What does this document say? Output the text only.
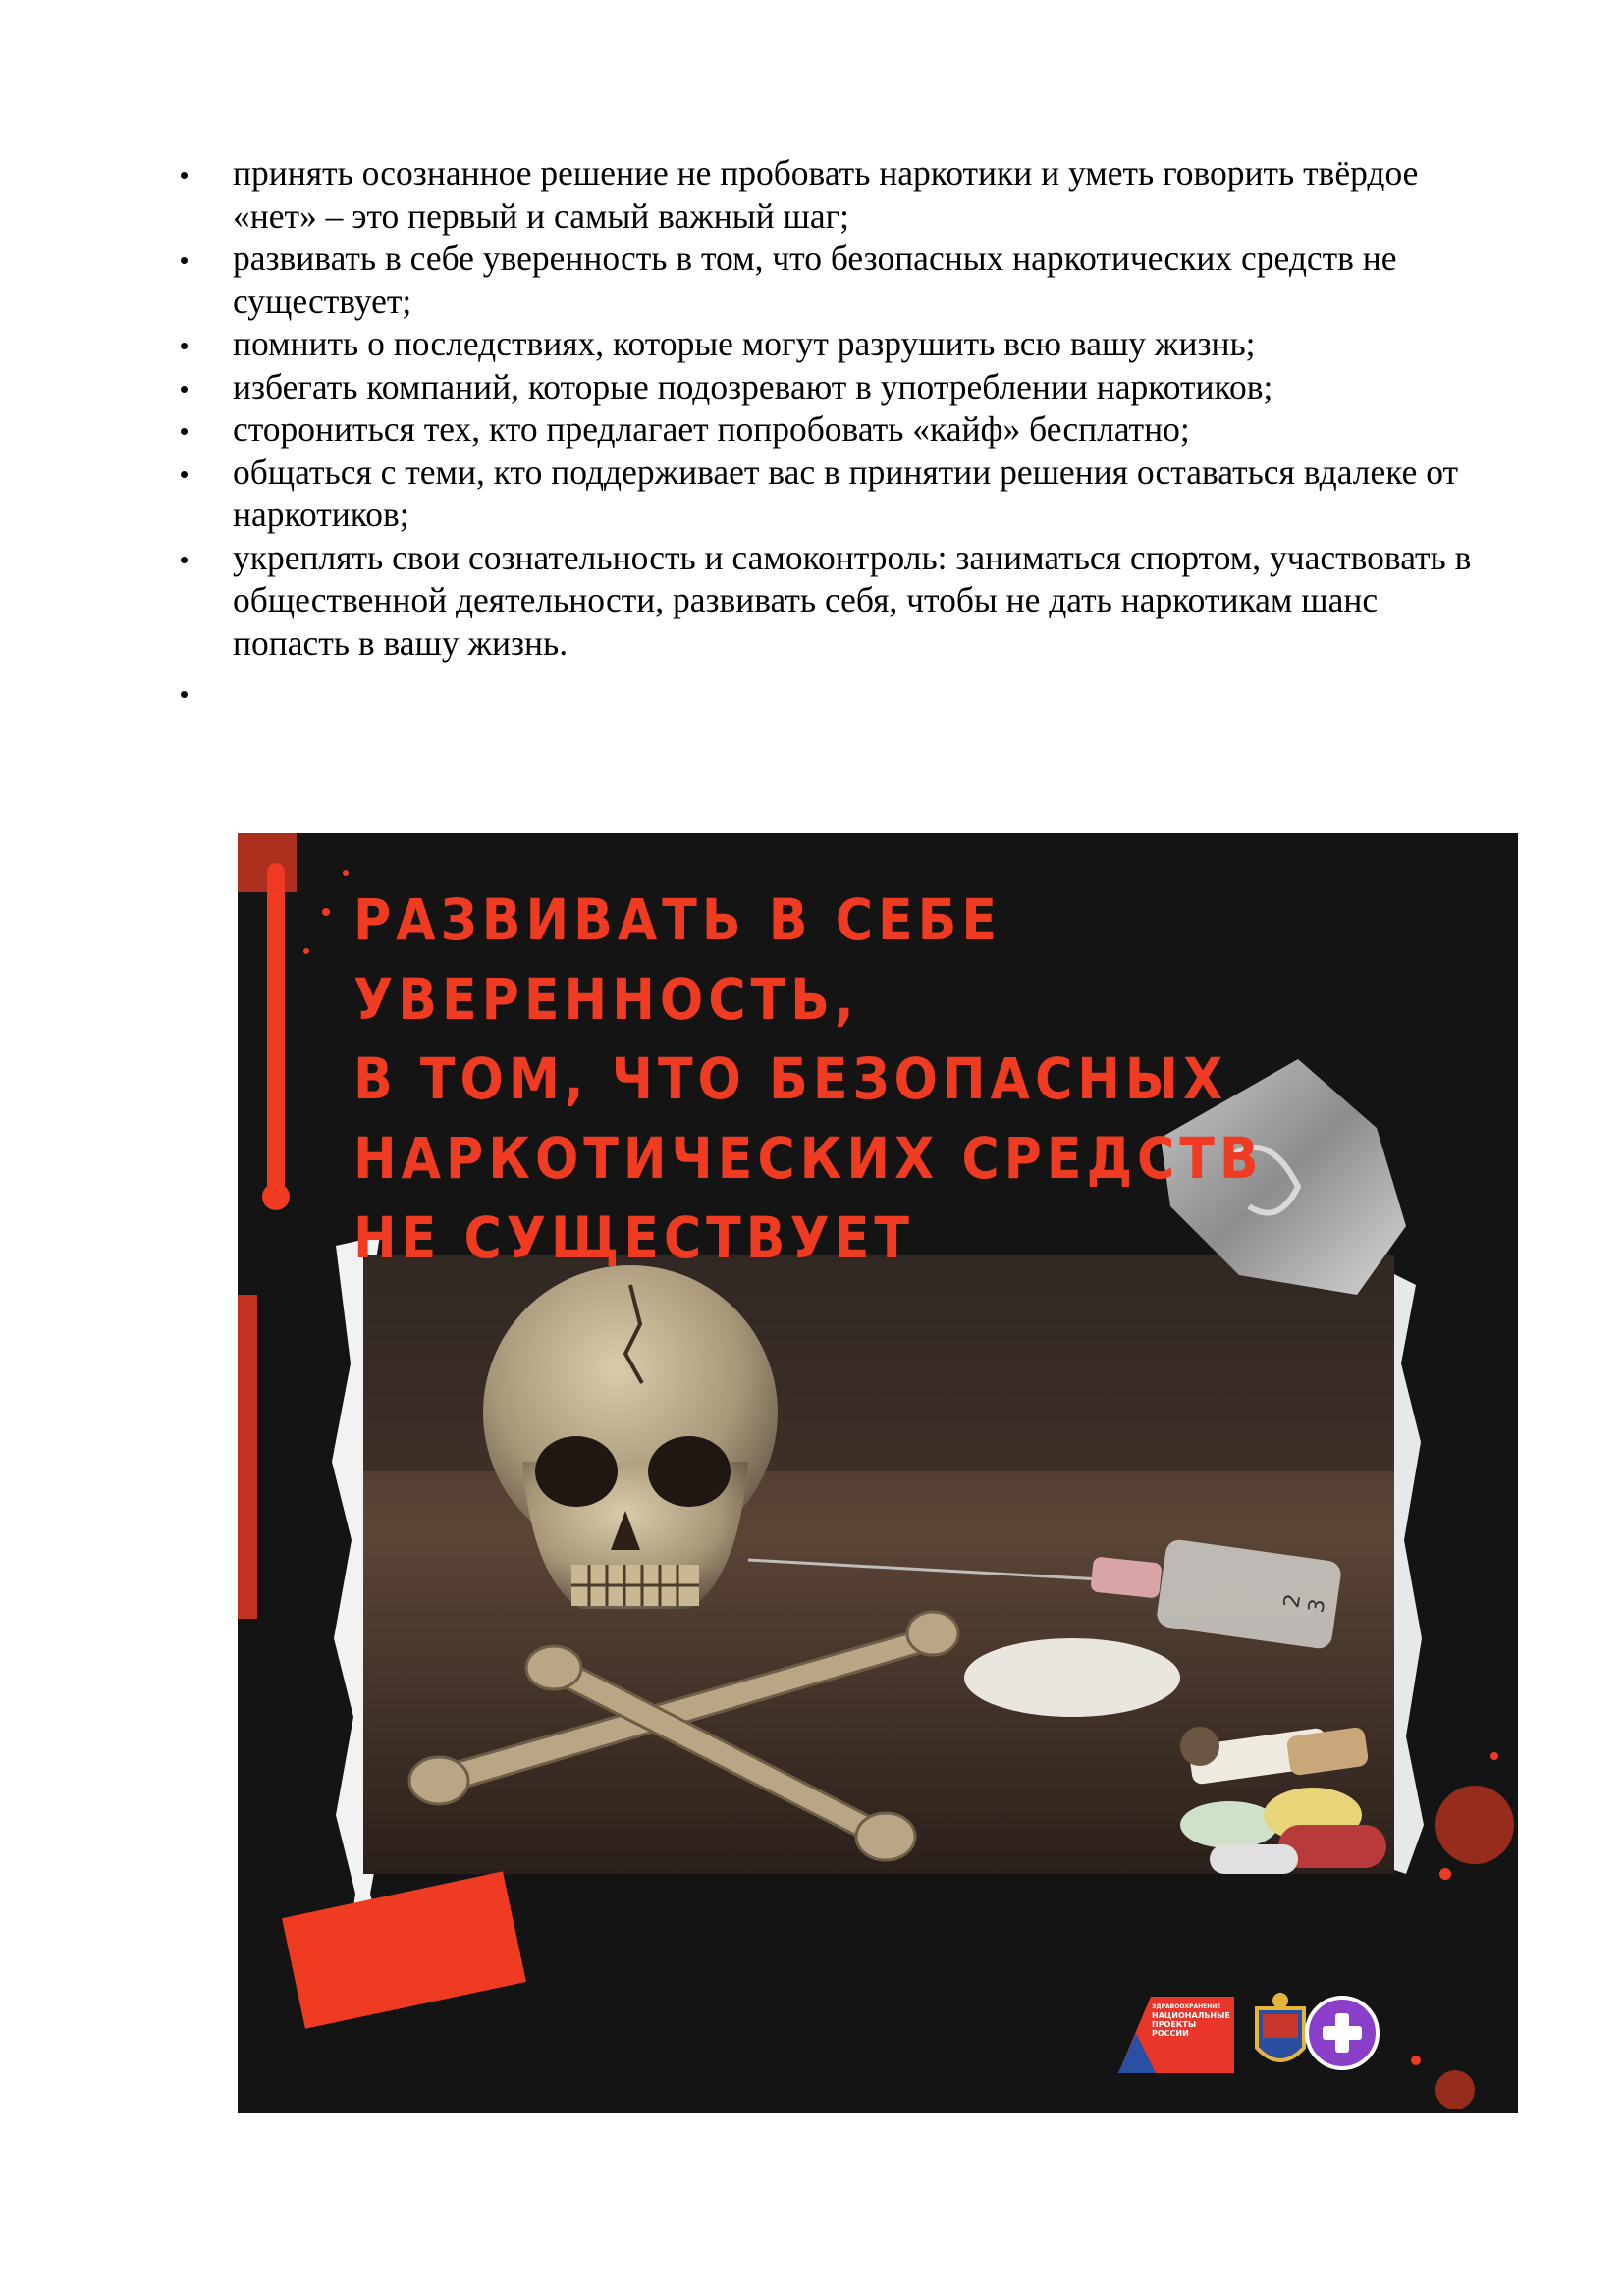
принять осознанное решение не пробовать наркотики и уметь говорить твёрдое «нет» – это первый и самый важный шаг;
развивать в себе уверенность в том, что безопасных наркотических средств не существует;
помнить о последствиях, которые могут разрушить всю вашу жизнь;
избегать компаний, которые подозревают в употреблении наркотиков;
сторониться тех, кто предлагает попробовать «кайф» бесплатно;
общаться с теми, кто поддерживает вас в принятии решения оставаться вдалеке от наркотиков;
укреплять свои сознательность и самоконтроль: заниматься спортом, участвовать в общественной деятельности, развивать себя, чтобы не дать наркотикам шанс попасть в вашу жизнь.
2
3
РАЗВИВАТЬ В СЕБЕ УВЕРЕННОСТЬ,
В ТОМ, ЧТО БЕЗОПАСНЫХ
НАРКОТИЧЕСКИХ СРЕДСТВ
НЕ СУЩЕСТВУЕТ
ЗДРАВООХРАНЕНИЕ
НАЦИОНАЛЬНЫЕ
ПРОЕКТЫ
РОССИИ
